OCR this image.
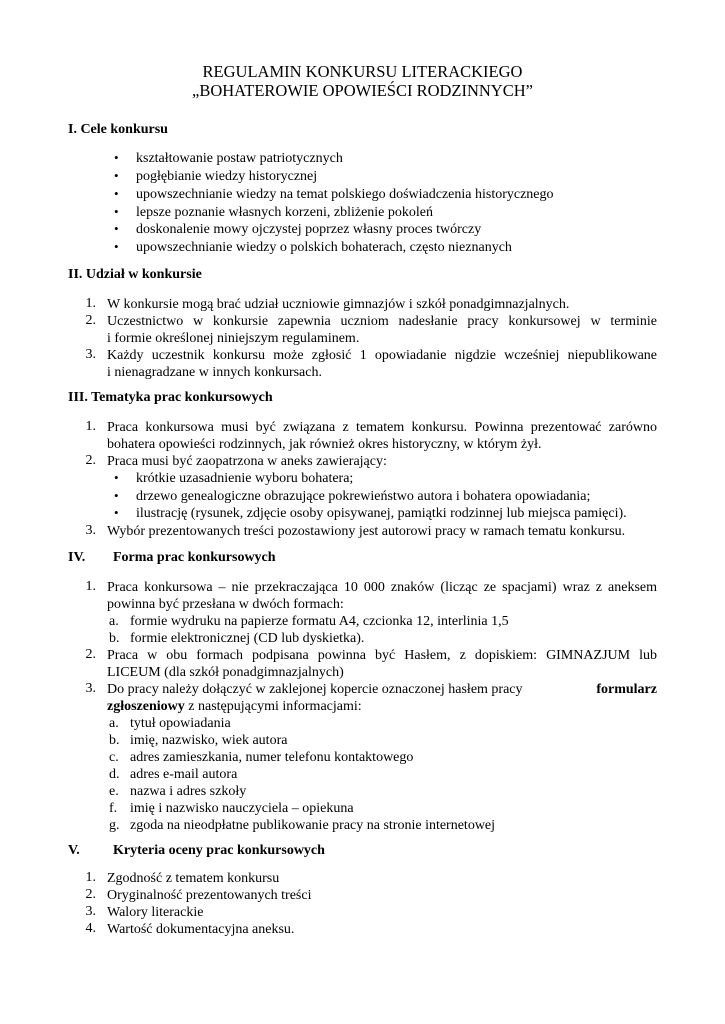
REGULAMIN KONKURSU LITERACKIEGO
„BOHATEROWIE OPOWIEŚCI RODZINNYCH”
I. Cele konkursu
• kształtowanie postaw patriotycznych
• pogłębianie wiedzy historycznej
• upowszechnianie wiedzy na temat polskiego doświadczenia historycznego
• lepsze poznanie własnych korzeni, zbliżenie pokoleń
• doskonalenie mowy ojczystej poprzez własny proces twórczy
• upowszechnianie wiedzy o polskich bohaterach, często nieznanych
II. Udział w konkursie
1. W konkursie mogą brać udział uczniowie gimnazjów i szkół ponadgimnazjalnych.
2. Uczestnictwo w konkursie zapewnia uczniom nadesłanie pracy konkursowej w terminie
i formie określonej niniejszym regulaminem.
3. Każdy uczestnik konkursu może zgłosić 1 opowiadanie nigdzie wcześniej niepublikowane
i nienagradzane w innych konkursach.
III. Tematyka prac konkursowych
1. Praca konkursowa musi być związana z tematem konkursu. Powinna prezentować zarówno
bohatera opowieści rodzinnych, jak również okres historyczny, w którym żył.
2. Praca musi być zaopatrzona w aneks zawierający:
• krótkie uzasadnienie wyboru bohatera;
• drzewo genealogiczne obrazujące pokrewieństwo autora i bohatera opowiadania;
• ilustrację (rysunek, zdjęcie osoby opisywanej, pamiątki rodzinnej lub miejsca pamięci).
3. Wybór prezentowanych treści pozostawiony jest autorowi pracy w ramach tematu konkursu.
IV. Forma prac konkursowych
1. Praca konkursowa – nie przekraczająca 10 000 znaków (licząc ze spacjami) wraz z aneksem
powinna być przesłana w dwóch formach:
a. formie wydruku na papierze formatu A4, czcionka 12, interlinia 1,5
b. formie elektronicznej (CD lub dyskietka).
2. Praca w obu formach podpisana powinna być Hasłem, z dopiskiem: GIMNAZJUM lub
LICEUM (dla szkół ponadgimnazjalnych)
3. Do pracy należy dołączyć w zaklejonej kopercie oznaczonej hasłem pracy	formularz
zgłoszeniowy z następującymi informacjami:
a. tytuł opowiadania
b. imię, nazwisko, wiek autora
c. adres zamieszkania, numer telefonu kontaktowego
d. adres e-mail autora
e. nazwa i adres szkoły
f. imię i nazwisko nauczyciela – opiekuna
g. zgoda na nieodpłatne publikowanie pracy na stronie internetowej
V. Kryteria oceny prac konkursowych
1. Zgodność z tematem konkursu
2. Oryginalność prezentowanych treści
3. Walory literackie
4. Wartość dokumentacyjna aneksu.
